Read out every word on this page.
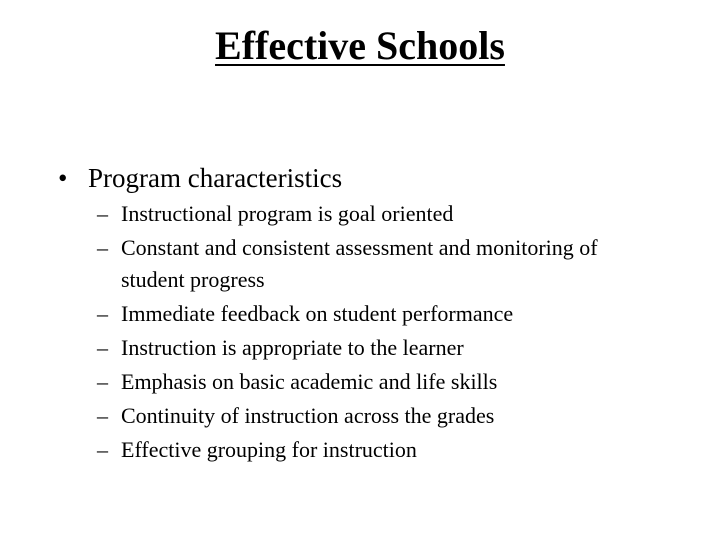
Effective Schools
• Program characteristics
– Instructional program is goal oriented
– Constant and consistent assessment and monitoring of student progress
– Immediate feedback on student performance
– Instruction is appropriate to the learner
– Emphasis on basic academic and life skills
– Continuity of instruction across the grades
– Effective grouping for instruction
